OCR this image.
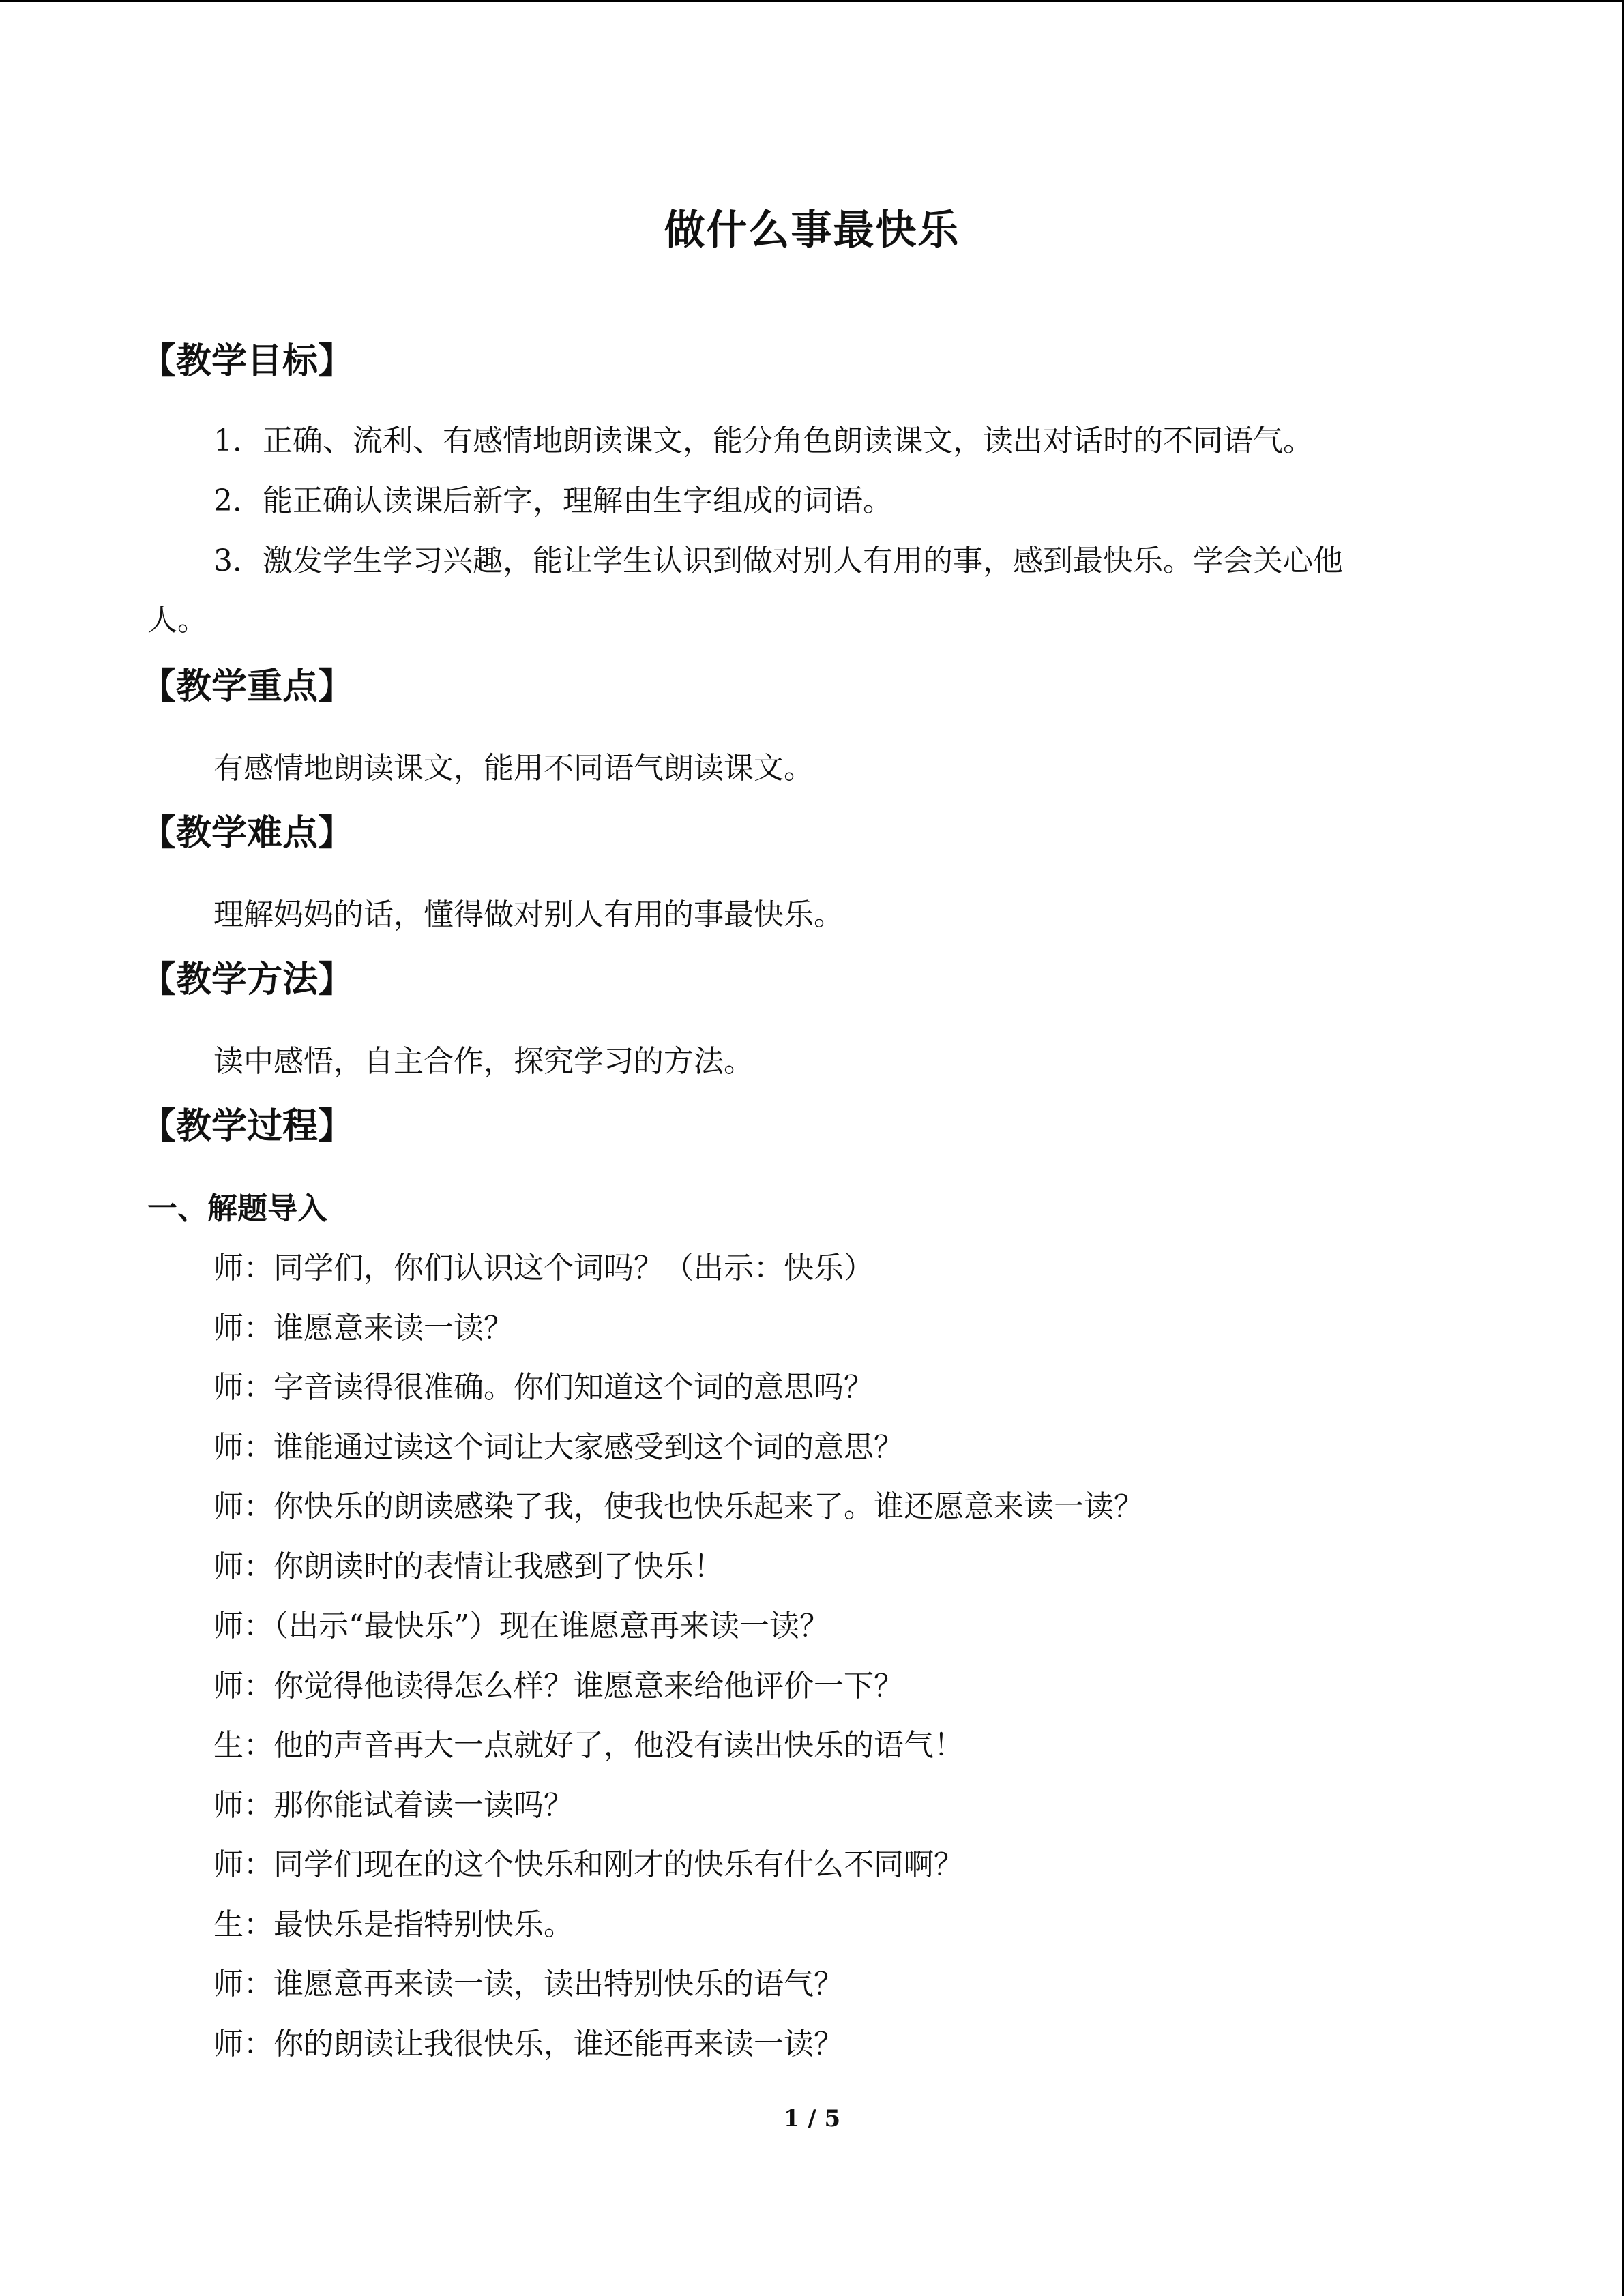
做什么事最快乐
【教学目标】
1．正确、流利、有感情地朗读课文，能分角色朗读课文，读出对话时的不同语气。
2．能正确认读课后新字，理解由生字组成的词语。
3．激发学生学习兴趣，能让学生认识到做对别人有用的事，感到最快乐。学会关心他
人。
【教学重点】
有感情地朗读课文，能用不同语气朗读课文。
【教学难点】
理解妈妈的话，懂得做对别人有用的事最快乐。
【教学方法】
读中感悟，自主合作，探究学习的方法。
【教学过程】
一、解题导入
师：同学们，你们认识这个词吗？（出示：快乐）
师：谁愿意来读一读？
师：字音读得很准确。你们知道这个词的意思吗？
师：谁能通过读这个词让大家感受到这个词的意思？
师：你快乐的朗读感染了我，使我也快乐起来了。谁还愿意来读一读？
师：你朗读时的表情让我感到了快乐！
师：（出示“最快乐”）现在谁愿意再来读一读？
师：你觉得他读得怎么样？谁愿意来给他评价一下？
生：他的声音再大一点就好了，他没有读出快乐的语气！
师：那你能试着读一读吗？
师：同学们现在的这个快乐和刚才的快乐有什么不同啊？
生：最快乐是指特别快乐。
师：谁愿意再来读一读，读出特别快乐的语气？
师：你的朗读让我很快乐，谁还能再来读一读？
1 / 5
